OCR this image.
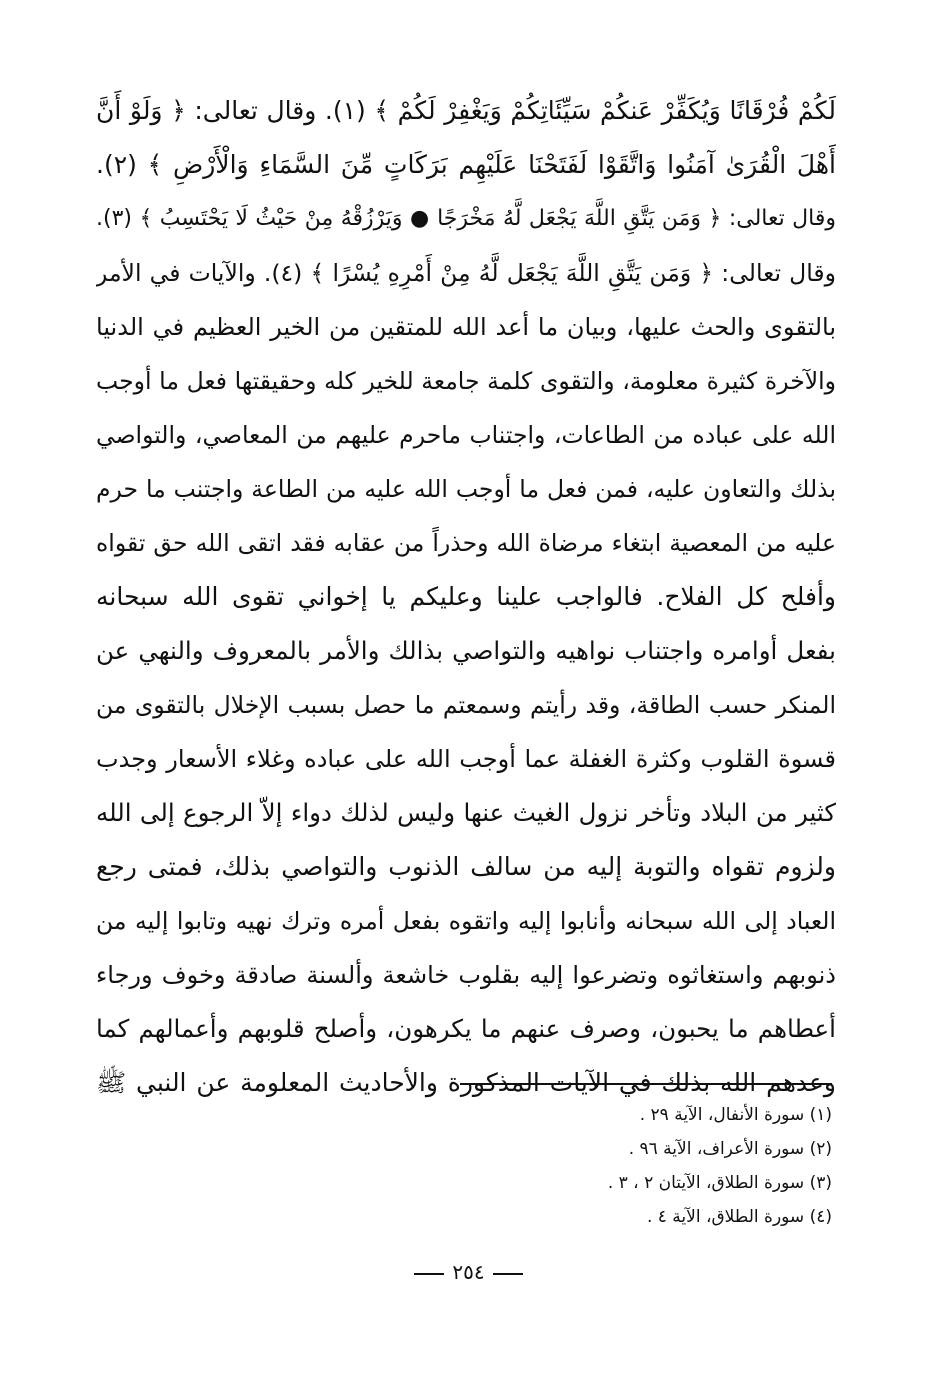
لَكُمْ فُرْقَانًا وَيُكَفِّرْ عَنكُمْ سَيِّئَاتِكُمْ وَيَغْفِرْ لَكُمْ ﴾ (١). وقال تعالى: ﴿ وَلَوْ أَنَّ
أَهْلَ الْقُرَىٰ آمَنُوا وَاتَّقَوْا لَفَتَحْنَا عَلَيْهِم بَرَكَاتٍ مِّنَ السَّمَاءِ وَالْأَرْضِ ﴾ (٢).
وقال تعالى: ﴿ وَمَن يَتَّقِ اللَّهَ يَجْعَل لَّهُ مَخْرَجًا ● وَيَرْزُقْهُ مِنْ حَيْثُ لَا يَحْتَسِبُ ﴾ (٣).
وقال تعالى: ﴿ وَمَن يَتَّقِ اللَّهَ يَجْعَل لَّهُ مِنْ أَمْرِهِ يُسْرًا ﴾ (٤). والآيات في الأمر
بالتقوى والحث عليها، وبيان ما أعد الله للمتقين من الخير العظيم في الدنيا
والآخرة كثيرة معلومة، والتقوى كلمة جامعة للخير كله وحقيقتها فعل ما أوجب
الله على عباده من الطاعات، واجتناب ماحرم عليهم من المعاصي، والتواصي
بذلك والتعاون عليه، فمن فعل ما أوجب الله عليه من الطاعة واجتنب ما حرم
عليه من المعصية ابتغاء مرضاة الله وحذراً من عقابه فقد اتقى الله حق تقواه
وأفلح كل الفلاح. فالواجب علينا وعليكم يا إخواني تقوى الله سبحانه
بفعل أوامره واجتناب نواهيه والتواصي بذالك والأمر بالمعروف والنهي عن
المنكر حسب الطاقة، وقد رأيتم وسمعتم ما حصل بسبب الإخلال بالتقوى من
قسوة القلوب وكثرة الغفلة عما أوجب الله على عباده وغلاء الأسعار وجدب
كثير من البلاد وتأخر نزول الغيث عنها وليس لذلك دواء إلاّ الرجوع إلى الله
ولزوم تقواه والتوبة إليه من سالف الذنوب والتواصي بذلك، فمتى رجع
العباد إلى الله سبحانه وأنابوا إليه واتقوه بفعل أمره وترك نهيه وتابوا إليه من
ذنوبهم واستغاثوه وتضرعوا إليه بقلوب خاشعة وألسنة صادقة وخوف ورجاء
أعطاهم ما يحبون، وصرف عنهم ما يكرهون، وأصلح قلوبهم وأعمالهم كما
وعدهم الله بذلك في الآيات المذكورة والأحاديث المعلومة عن النبي ﷺ
(١) سورة الأنفال، الآية ٢٩ .
(٢) سورة الأعراف، الآية ٩٦ .
(٣) سورة الطلاق، الآيتان ٢ ، ٣ .
(٤) سورة الطلاق، الآية ٤ .
٢٥٤
